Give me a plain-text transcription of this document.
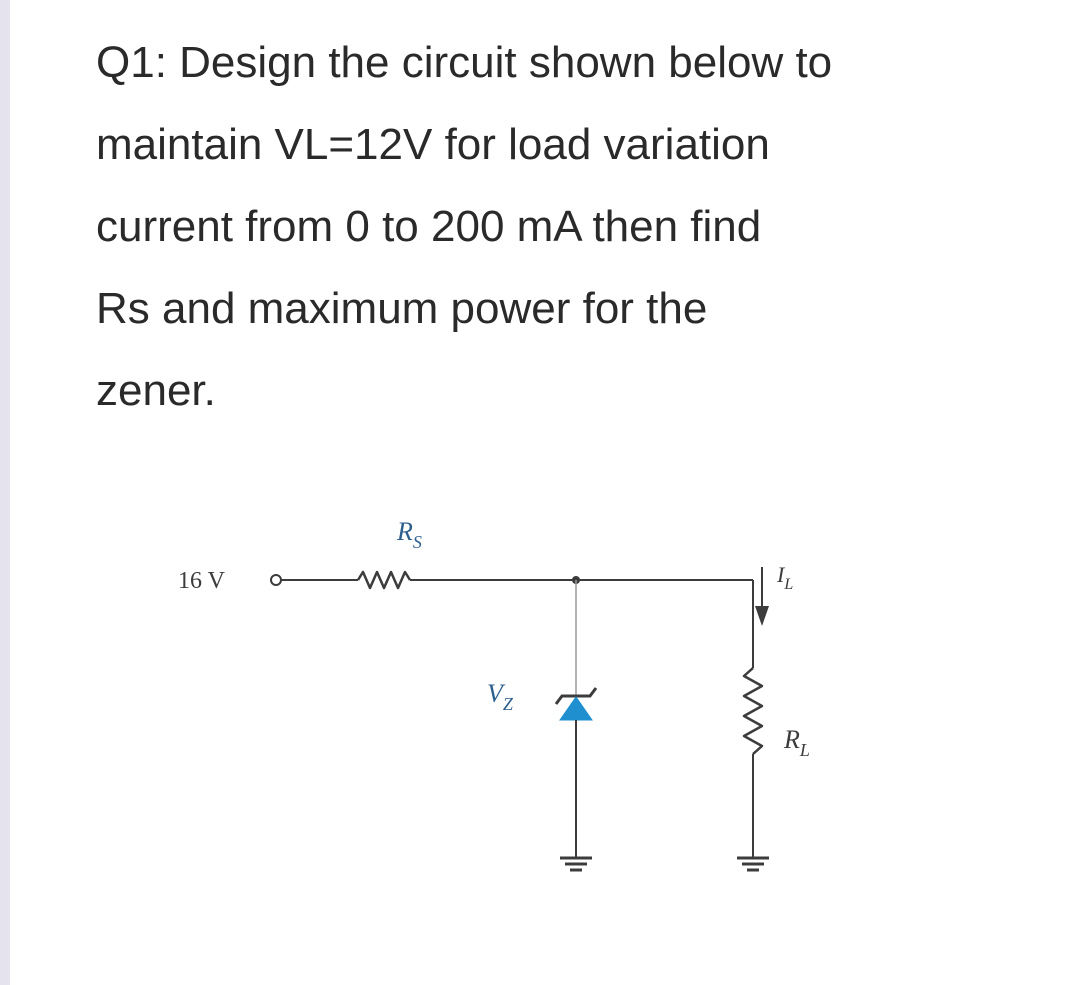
Q1: Design the circuit shown below to
maintain VL=12V for load variation
current from 0 to 200 mA then find
Rs and maximum power for the
zener.

16 V
$R_S$
$V_Z$
$I_L$
$R_L$
